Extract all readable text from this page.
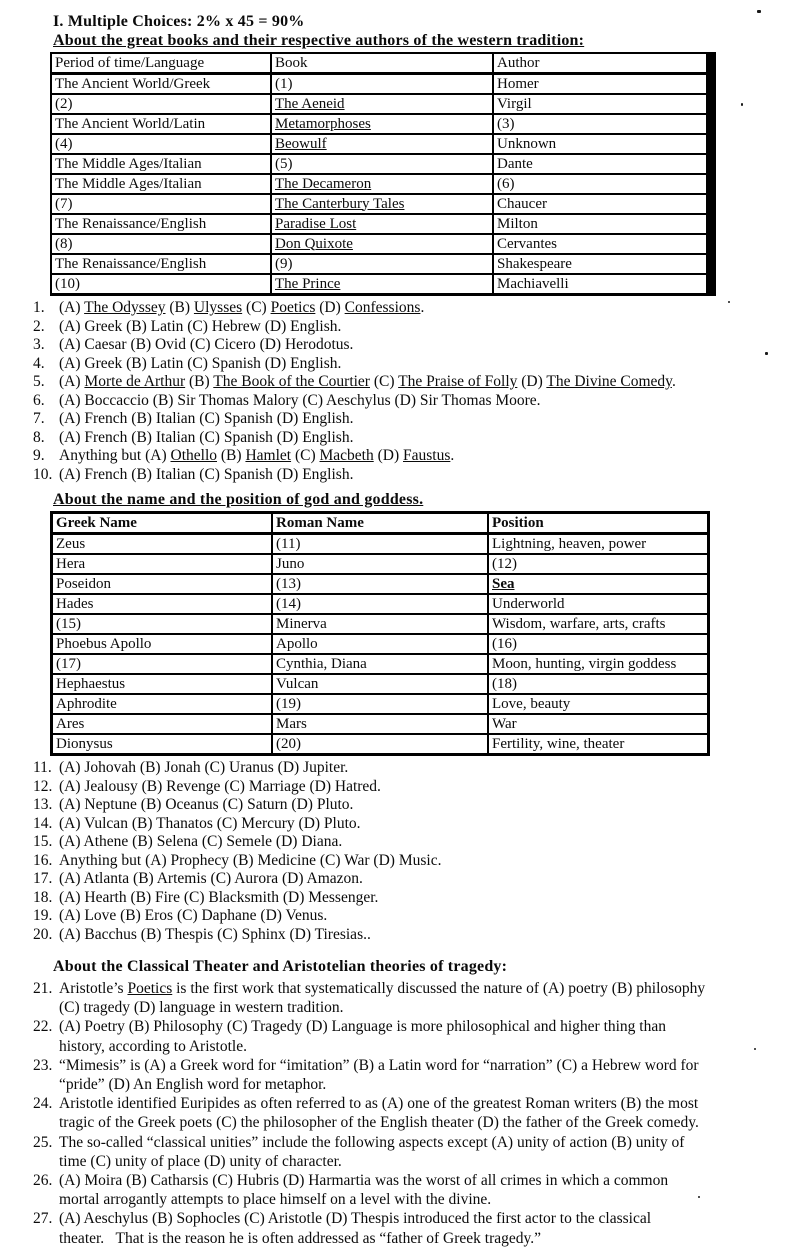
I. Multiple Choices: 2% x 45 = 90%
About the great books and their respective authors of the western tradition:
Period of time/Language	Book	Author
The Ancient World/Greek	(1)	Homer
(2)	The Aeneid	Virgil
The Ancient World/Latin	Metamorphoses	(3)
(4)	Beowulf	Unknown
The Middle Ages/Italian	(5)	Dante
The Middle Ages/Italian	The Decameron	(6)
(7)	The Canterbury Tales	Chaucer
The Renaissance/English	Paradise Lost	Milton
(8)	Don Quixote	Cervantes
The Renaissance/English	(9)	Shakespeare
(10)	The Prince	Machiavelli
1. (A) The Odyssey (B) Ulysses (C) Poetics (D) Confessions.
2. (A) Greek (B) Latin (C) Hebrew (D) English.
3. (A) Caesar (B) Ovid (C) Cicero (D) Herodotus.
4. (A) Greek (B) Latin (C) Spanish (D) English.
5. (A) Morte de Arthur (B) The Book of the Courtier (C) The Praise of Folly (D) The Divine Comedy.
6. (A) Boccaccio (B) Sir Thomas Malory (C) Aeschylus (D) Sir Thomas Moore.
7. (A) French (B) Italian (C) Spanish (D) English.
8. (A) French (B) Italian (C) Spanish (D) English.
9. Anything but (A) Othello (B) Hamlet (C) Macbeth (D) Faustus.
10. (A) French (B) Italian (C) Spanish (D) English.
About the name and the position of god and goddess.
Greek Name	Roman Name	Position
Zeus	(11)	Lightning, heaven, power
Hera	Juno	(12)
Poseidon	(13)	Sea
Hades	(14)	Underworld
(15)	Minerva	Wisdom, warfare, arts, crafts
Phoebus Apollo	Apollo	(16)
(17)	Cynthia, Diana	Moon, hunting, virgin goddess
Hephaestus	Vulcan	(18)
Aphrodite	(19)	Love, beauty
Ares	Mars	War
Dionysus	(20)	Fertility, wine, theater
11. (A) Johovah (B) Jonah (C) Uranus (D) Jupiter.
12. (A) Jealousy (B) Revenge (C) Marriage (D) Hatred.
13. (A) Neptune (B) Oceanus (C) Saturn (D) Pluto.
14. (A) Vulcan (B) Thanatos (C) Mercury (D) Pluto.
15. (A) Athene (B) Selena (C) Semele (D) Diana.
16. Anything but (A) Prophecy (B) Medicine (C) War (D) Music.
17. (A) Atlanta (B) Artemis (C) Aurora (D) Amazon.
18. (A) Hearth (B) Fire (C) Blacksmith (D) Messenger.
19. (A) Love (B) Eros (C) Daphane (D) Venus.
20. (A) Bacchus (B) Thespis (C) Sphinx (D) Tiresias..
About the Classical Theater and Aristotelian theories of tragedy:
21. Aristotle’s Poetics is the first work that systematically discussed the nature of (A) poetry (B) philosophy (C) tragedy (D) language in western tradition.
22. (A) Poetry (B) Philosophy (C) Tragedy (D) Language is more philosophical and higher thing than history, according to Aristotle.
23. “Mimesis” is (A) a Greek word for “imitation” (B) a Latin word for “narration” (C) a Hebrew word for “pride” (D) An English word for metaphor.
24. Aristotle identified Euripides as often referred to as (A) one of the greatest Roman writers (B) the most tragic of the Greek poets (C) the philosopher of the English theater (D) the father of the Greek comedy.
25. The so-called “classical unities” include the following aspects except (A) unity of action (B) unity of time (C) unity of place (D) unity of character.
26. (A) Moira (B) Catharsis (C) Hubris (D) Harmartia was the worst of all crimes in which a common mortal arrogantly attempts to place himself on a level with the divine.
27. (A) Aeschylus (B) Sophocles (C) Aristotle (D) Thespis introduced the first actor to the classical theater.   That is the reason he is often addressed as “father of Greek tragedy.”
